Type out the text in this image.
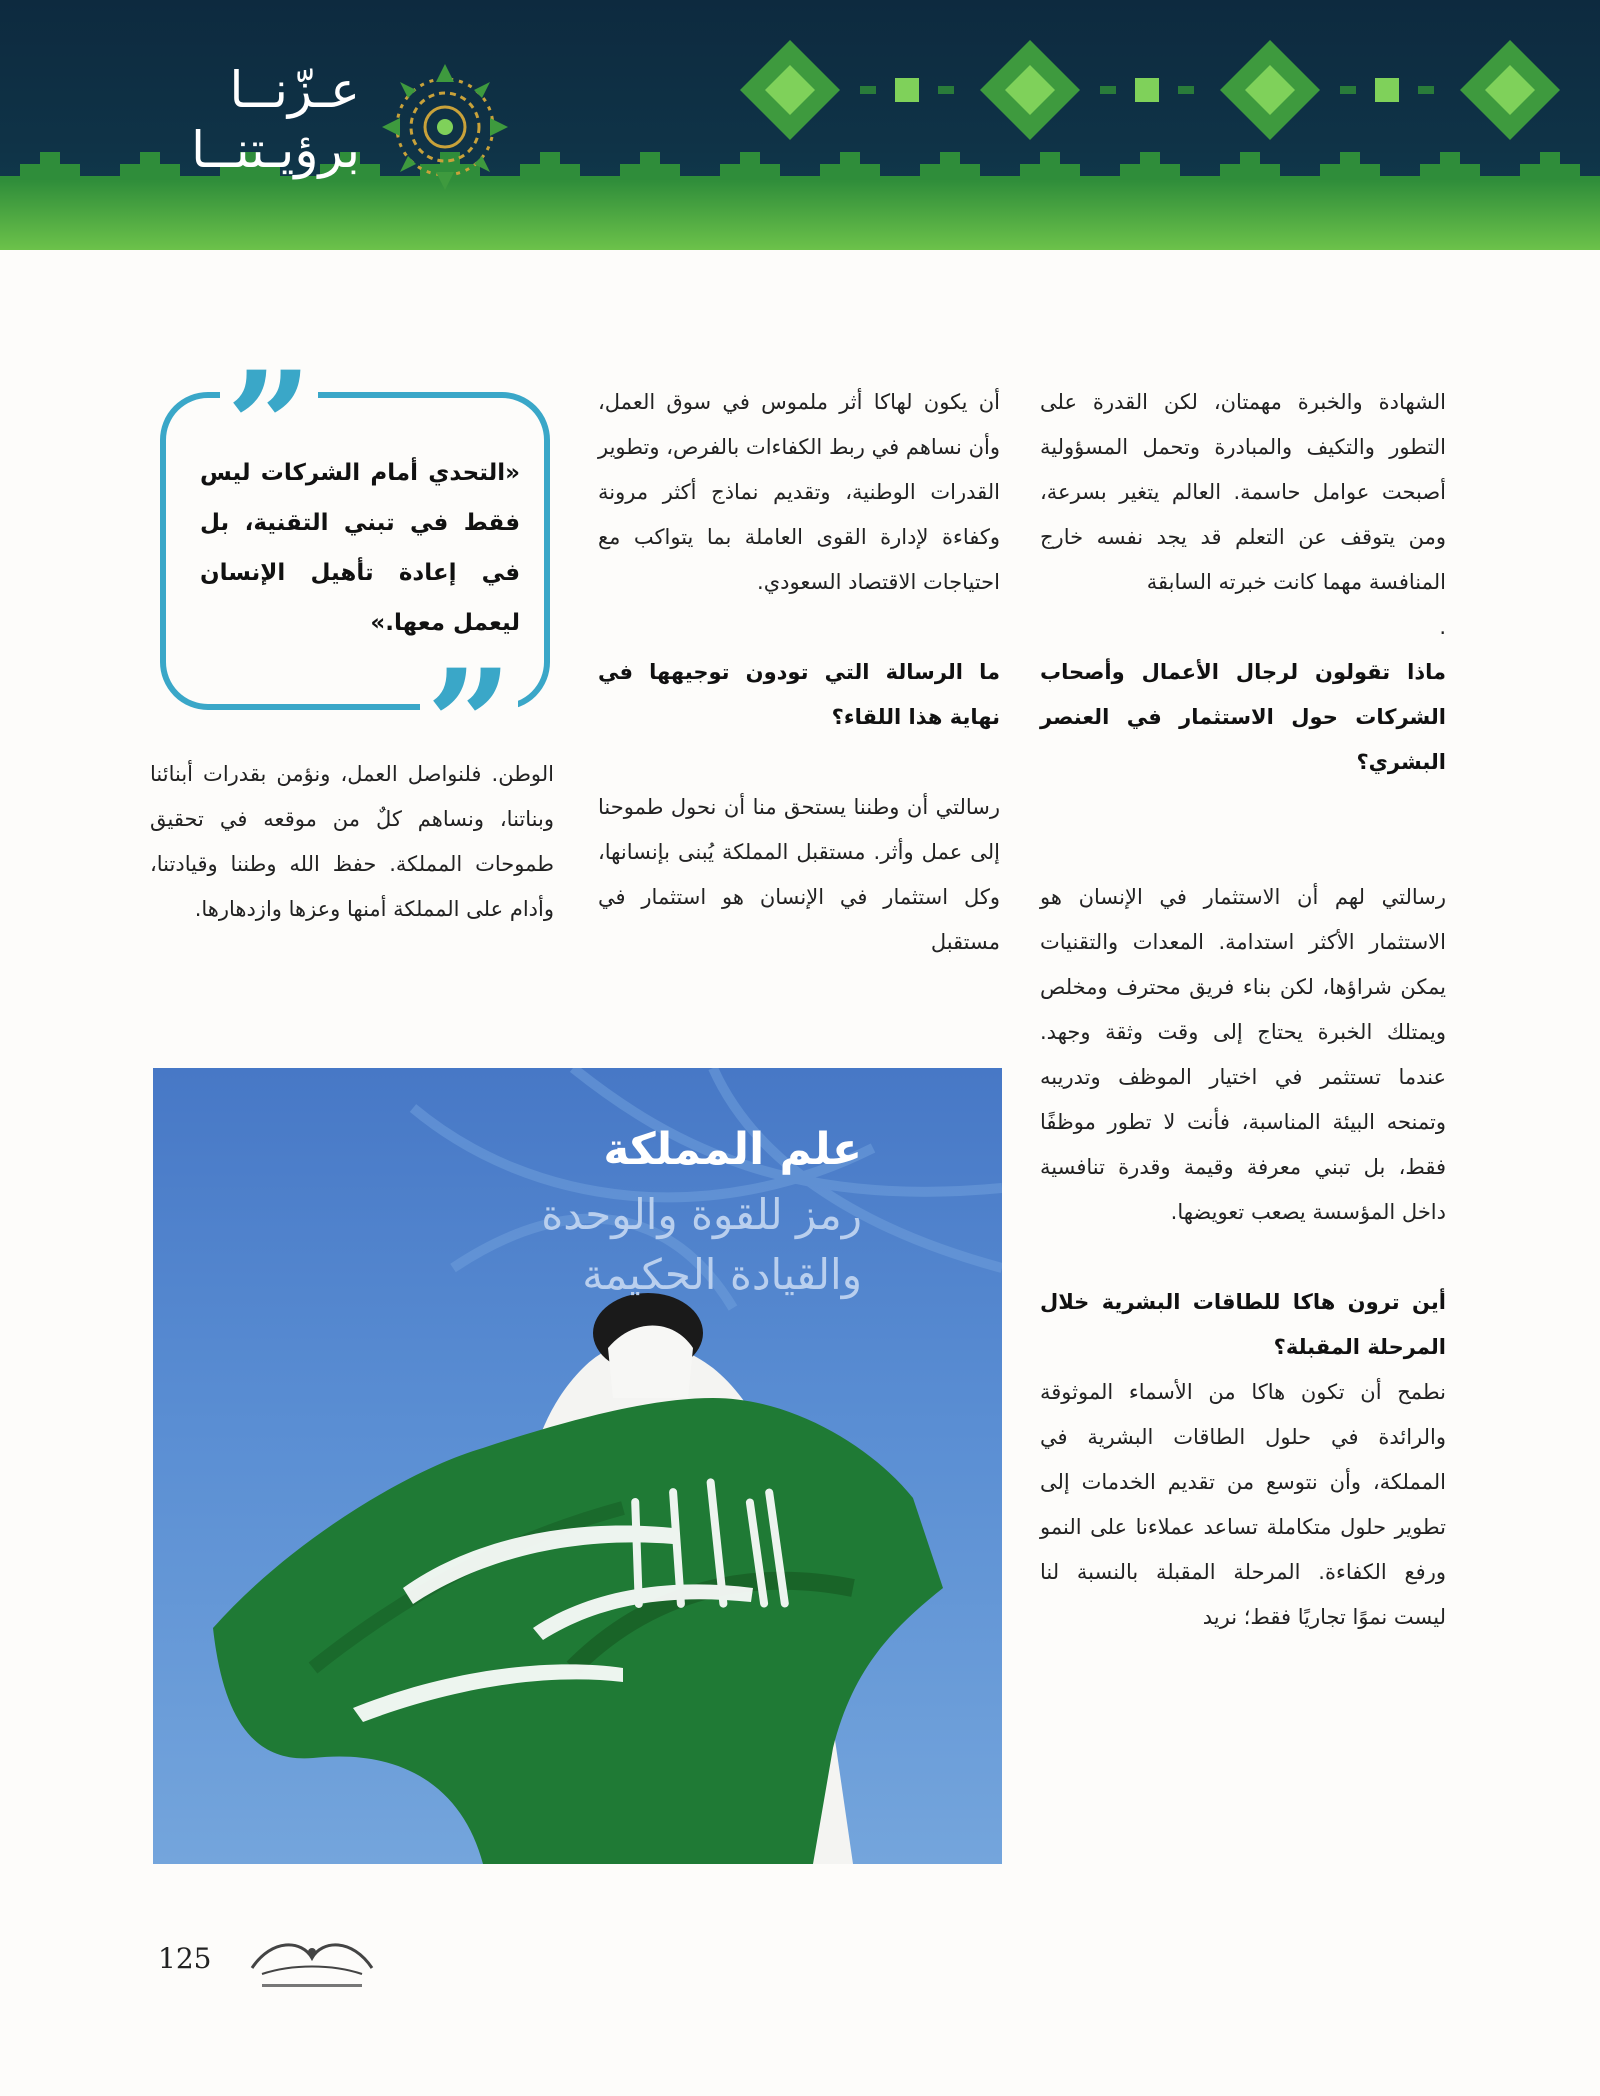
عـزّنــا
برؤيـتنــا

الشهادة والخبرة مهمتان، لكن القدرة على التطور والتكيف والمبادرة وتحمل المسؤولية أصبحت عوامل حاسمة. العالم يتغير بسرعة، ومن يتوقف عن التعلم قد يجد نفسه خارج المنافسة مهما كانت خبرته السابقة

.

ماذا تقولون لرجال الأعمال وأصحاب الشركات حول الاستثمار في العنصر البشري؟

رسالتي لهم أن الاستثمار في الإنسان هو الاستثمار الأكثر استدامة. المعدات والتقنيات يمكن شراؤها، لكن بناء فريق محترف ومخلص ويمتلك الخبرة يحتاج إلى وقت وثقة وجهد. عندما تستثمر في اختيار الموظف وتدريبه وتمنحه البيئة المناسبة، فأنت لا تطور موظفًا فقط، بل تبني معرفة وقيمة وقدرة تنافسية داخل المؤسسة يصعب تعويضها.

أين ترون هاكا للطاقات البشرية خلال المرحلة المقبلة؟

نطمح أن تكون هاكا من الأسماء الموثوقة والرائدة في حلول الطاقات البشرية في المملكة، وأن نتوسع من تقديم الخدمات إلى تطوير حلول متكاملة تساعد عملاءنا على النمو ورفع الكفاءة. المرحلة المقبلة بالنسبة لنا ليست نموًا تجاريًا فقط؛ نريد

أن يكون لهاكا أثر ملموس في سوق العمل، وأن نساهم في ربط الكفاءات بالفرص، وتطوير القدرات الوطنية، وتقديم نماذج أكثر مرونة وكفاءة لإدارة القوى العاملة بما يتواكب مع احتياجات الاقتصاد السعودي.

ما الرسالة التي تودون توجيهها في نهاية هذا اللقاء؟

رسالتي أن وطننا يستحق منا أن نحول طموحنا إلى عمل وأثر. مستقبل المملكة يُبنى بإنسانها، وكل استثمار في الإنسان هو استثمار في مستقبل

”
”
«التحدي أمام الشركات ليس فقط في تبني التقنية، بل في إعادة تأهيل الإنسان ليعمل معها.»

الوطن. فلنواصل العمل، ونؤمن بقدرات أبنائنا وبناتنا، ونساهم كلٌ من موقعه في تحقيق طموحات المملكة. حفظ الله وطننا وقيادتنا، وأدام على المملكة أمنها وعزها وازدهارها.

علم المملكة
رمز للقوة والوحدة
والقيادة الحكيمة
125
